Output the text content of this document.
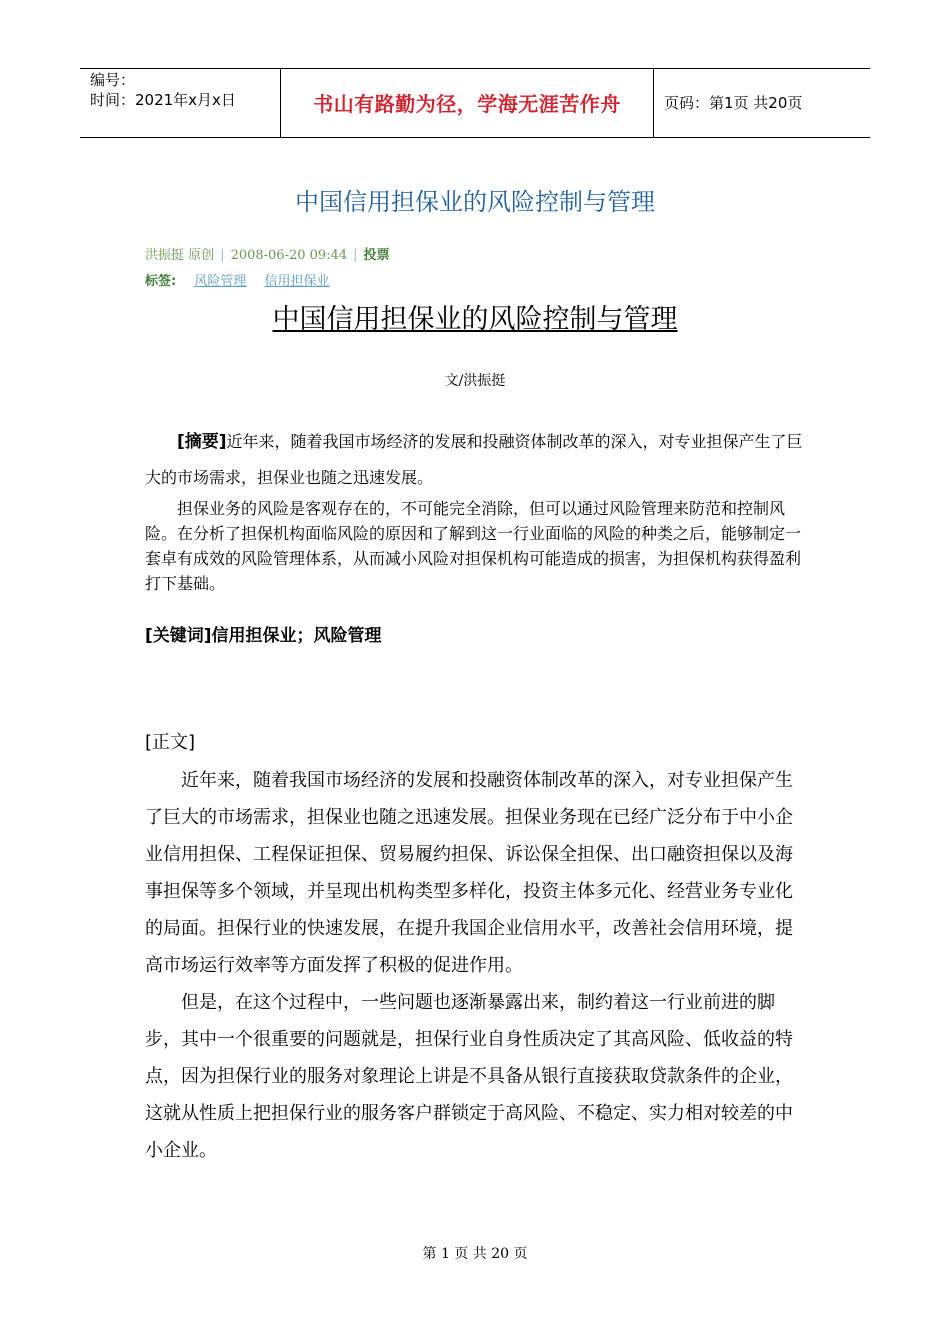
编号：
时间：2021年x月x日	书山有路勤为径，学海无涯苦作舟	页码：第1页 共20页
中国信用担保业的风险控制与管理
洪振挺 原创 | 2008-06-20 09:44 | 投票
标签: 风险管理 信用担保业
中国信用担保业的风险控制与管理
文/洪振挺
[摘要]近年来，随着我国市场经济的发展和投融资体制改革的深入，对专业担保产生了巨大的市场需求，担保业也随之迅速发展。

担保业务的风险是客观存在的，不可能完全消除，但可以通过风险管理来防范和控制风险。在分析了担保机构面临风险的原因和了解到这一行业面临的风险的种类之后，能够制定一套卓有成效的风险管理体系，从而减小风险对担保机构可能造成的损害，为担保机构获得盈利打下基础。

[关键词]信用担保业；风险管理
[正文]

近年来，随着我国市场经济的发展和投融资体制改革的深入，对专业担保产生了巨大的市场需求，担保业也随之迅速发展。担保业务现在已经广泛分布于中小企业信用担保、工程保证担保、贸易履约担保、诉讼保全担保、出口融资担保以及海事担保等多个领域，并呈现出机构类型多样化，投资主体多元化、经营业务专业化的局面。担保行业的快速发展，在提升我国企业信用水平，改善社会信用环境，提高市场运行效率等方面发挥了积极的促进作用。

但是，在这个过程中，一些问题也逐渐暴露出来，制约着这一行业前进的脚步，其中一个很重要的问题就是，担保行业自身性质决定了其高风险、低收益的特点，因为担保行业的服务对象理论上讲是不具备从银行直接获取贷款条件的企业，这就从性质上把担保行业的服务客户群锁定于高风险、不稳定、实力相对较差的中小企业。

第 1 页 共 20 页
